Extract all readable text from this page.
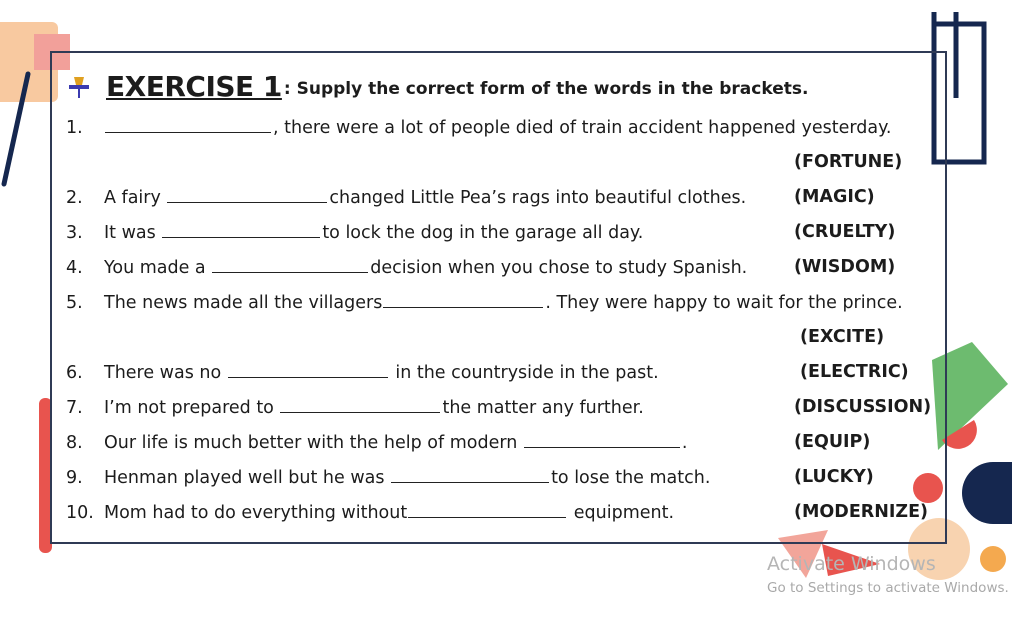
EXERCISE 1 : Supply the correct form of the words in the brackets.
1.	, there were a lot of people died of train accident happened yesterday.
(FORTUNE)
2. A fairy	changed Little Pea’s rags into beautiful clothes.	(MAGIC)
3. It was	to lock the dog in the garage all day.	(CRUELTY)
4. You made a	decision when you chose to study Spanish.	(WISDOM)
5. The news made all the villagers	. They were happy to wait for the prince.
(EXCITE)
6. There was no	in the countryside in the past.	(ELECTRIC)
7. I’m not prepared to	the matter any further.	(DISCUSSION)
8. Our life is much better with the help of modern	.	(EQUIP)
9. Henman played well but he was	to lose the match.	(LUCKY)
10. Mom had to do everything without	equipment.	(MODERNIZE)
Activate Windows
Go to Settings to activate Windows.
